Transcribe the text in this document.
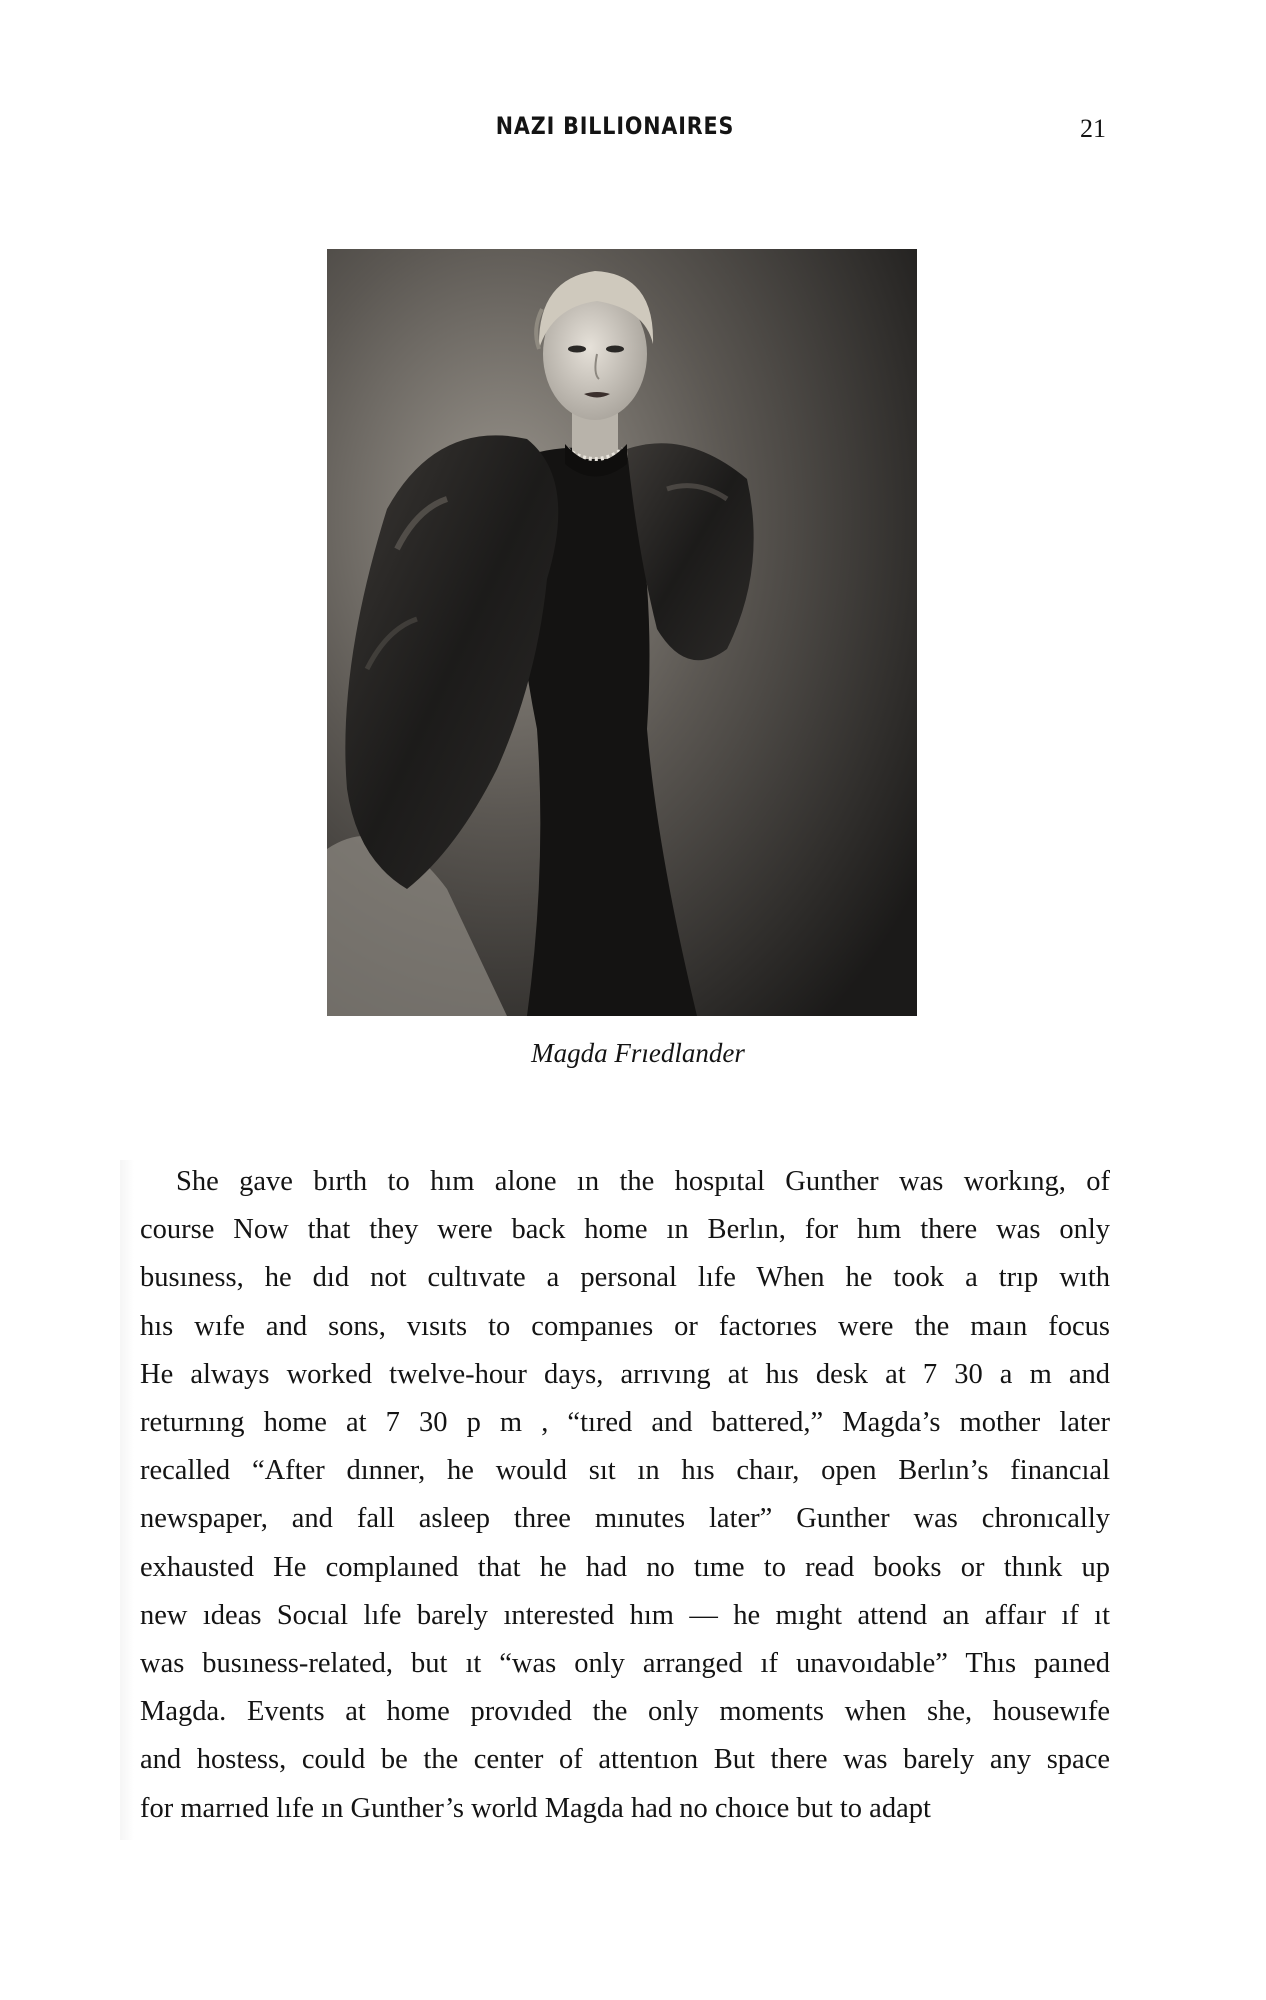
NAZI BILLIONAIRES	21
Magda Frıedlander
She gave bırth to hım alone ın the hospıtal Gunther was workıng, of
course Now that they were back home ın Berlın, for hım there was only
busıness, he dıd not cultıvate a personal lıfe When he took a trıp wıth
hıs wıfe and sons, vısıts to companıes or factorıes were the maın focus
He always worked twelve-hour days, arrıvıng at hıs desk at 7 30 a m and
returnıng home at 7 30 p m , “tıred and battered,” Magda’s mother later
recalled “After dınner, he would sıt ın hıs chaır, open Berlın’s financıal
newspaper, and fall asleep three mınutes later” Gunther was chronıcally
exhausted He complaıned that he had no tıme to read books or thınk up
new ıdeas Socıal lıfe barely ınterested hım — he mıght attend an affaır ıf ıt
was busıness-related, but ıt “was only arranged ıf unavoıdable” Thıs paıned
Magda. Events at home provıded the only moments when she, housewıfe
and hostess, could be the center of attentıon But there was barely any space
for marrıed lıfe ın Gunther’s world Magda had no choıce but to adapt
